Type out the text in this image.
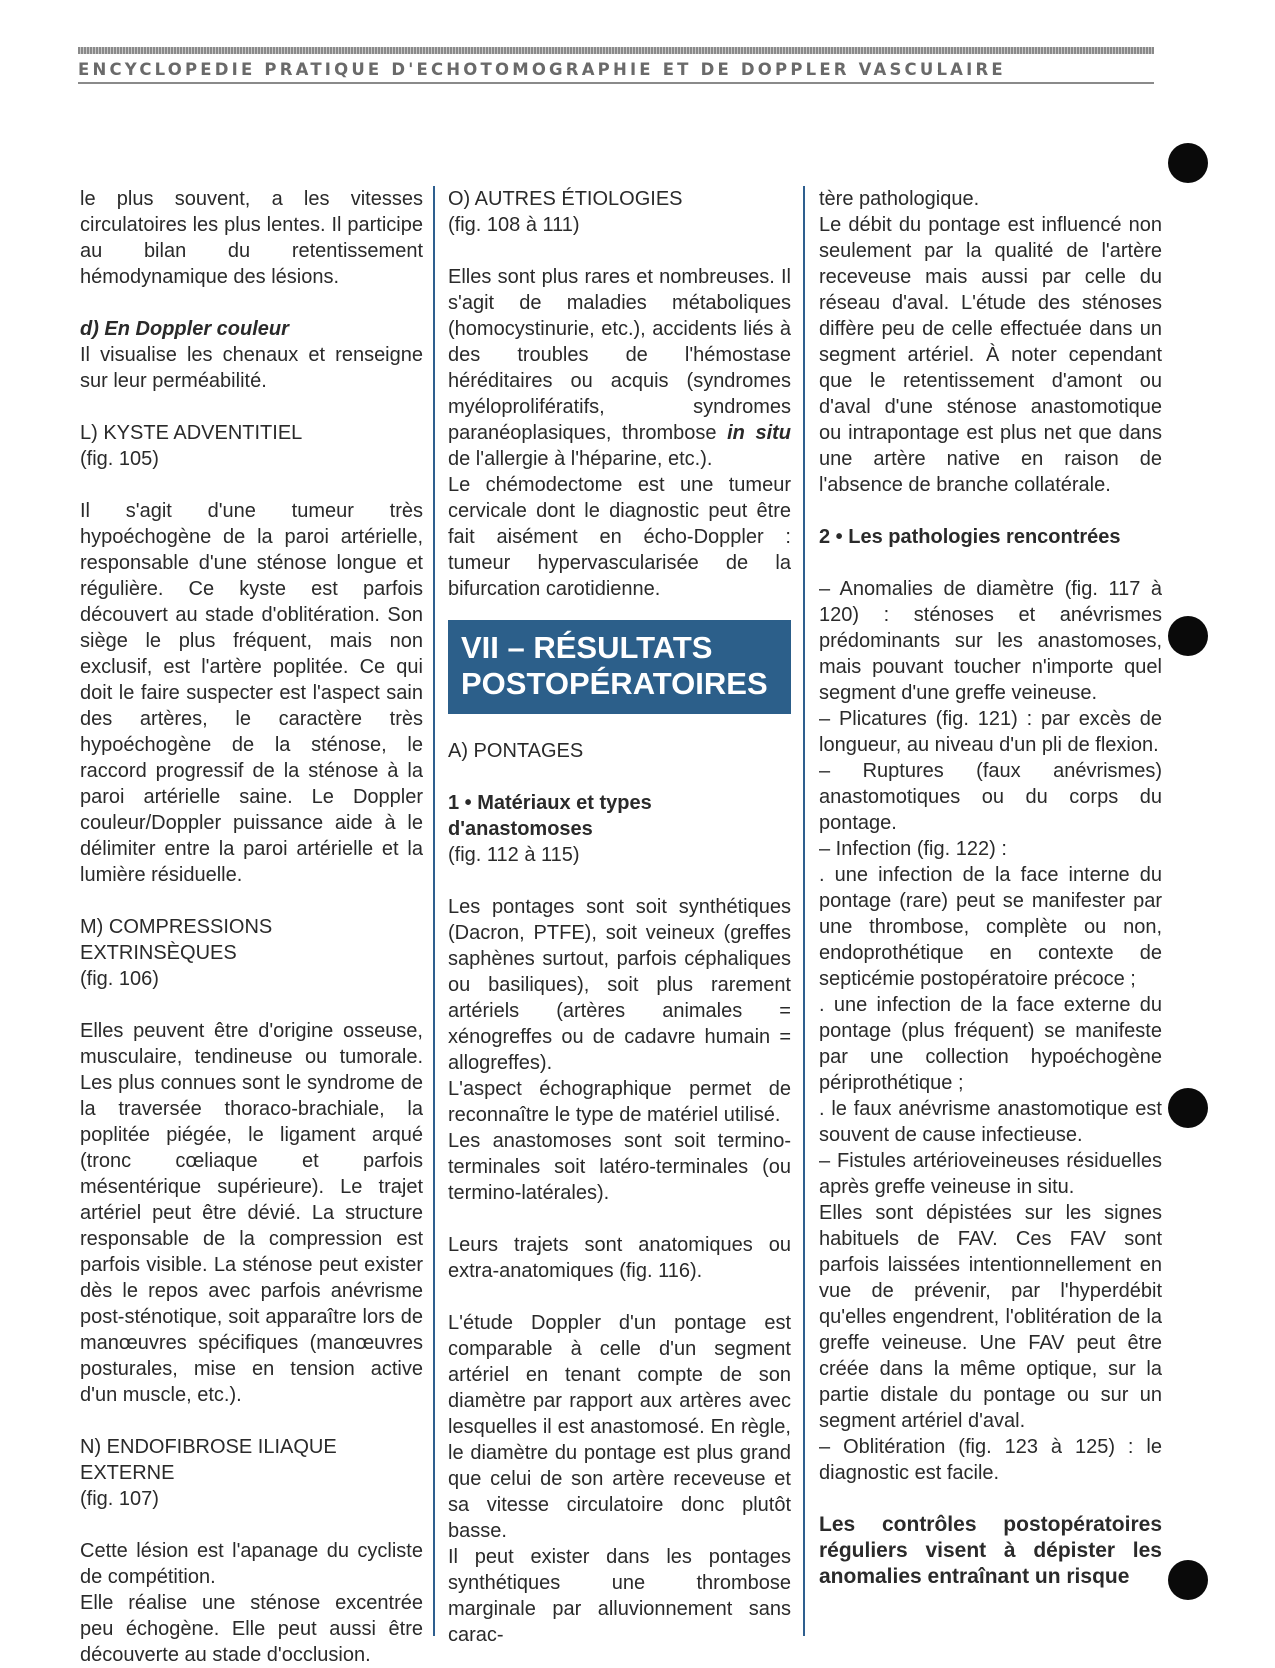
ENCYCLOPEDIE PRATIQUE D'ECHOTOMOGRAPHIE ET DE DOPPLER VASCULAIRE

le plus souvent, a les vitesses circulatoires les plus lentes. Il participe au bilan du retentissement hémodynamique des lésions.

d) En Doppler couleur

Il visualise les chenaux et renseigne sur leur perméabilité.

L) KYSTE ADVENTITIEL

(fig. 105)

Il s'agit d'une tumeur très hypoéchogène de la paroi artérielle, responsable d'une sténose longue et régulière. Ce kyste est parfois découvert au stade d'oblitération. Son siège le plus fréquent, mais non exclusif, est l'artère poplitée. Ce qui doit le faire suspecter est l'aspect sain des artères, le caractère très hypoéchogène de la sténose, le raccord progressif de la sténose à la paroi artérielle saine. Le Doppler couleur/Doppler puissance aide à le délimiter entre la paroi artérielle et la lumière résiduelle.

M) COMPRESSIONS EXTRINSÈQUES

(fig. 106)

Elles peuvent être d'origine osseuse, musculaire, tendineuse ou tumorale. Les plus connues sont le syndrome de la traversée thoraco-brachiale, la poplitée piégée, le ligament arqué (tronc cœliaque et parfois mésentérique supérieure). Le trajet artériel peut être dévié. La structure responsable de la compression est parfois visible. La sténose peut exister dès le repos avec parfois anévrisme post-sténotique, soit apparaître lors de manœuvres spécifiques (manœuvres posturales, mise en tension active d'un muscle, etc.).

N) ENDOFIBROSE ILIAQUE EXTERNE

(fig. 107)

Cette lésion est l'apanage du cycliste de compétition.

Elle réalise une sténose excentrée peu échogène. Elle peut aussi être découverte au stade d'occlusion.

O) AUTRES ÉTIOLOGIES

(fig. 108 à 111)

Elles sont plus rares et nombreuses. Il s'agit de maladies métaboliques (homocystinurie, etc.), accidents liés à des troubles de l'hémostase héréditaires ou acquis (syndromes myéloprolifératifs, syndromes paranéoplasiques, thrombose in situ de l'allergie à l'héparine, etc.).

Le chémodectome est une tumeur cervicale dont le diagnostic peut être fait aisément en écho-Doppler : tumeur hypervascularisée de la bifurcation carotidienne.

VII – RÉSULTATS
POSTOPÉRATOIRES

A) PONTAGES

1 • Matériaux et types d'anastomoses

(fig. 112 à 115)

Les pontages sont soit synthétiques (Dacron, PTFE), soit veineux (greffes saphènes surtout, parfois céphaliques ou basiliques), soit plus rarement artériels (artères animales = xénogreffes ou de cadavre humain = allogreffes).

L'aspect échographique permet de reconnaître le type de matériel utilisé.

Les anastomoses sont soit termino-terminales soit latéro-terminales (ou termino-latérales).

Leurs trajets sont anatomiques ou extra-anatomiques (fig. 116).

L'étude Doppler d'un pontage est comparable à celle d'un segment artériel en tenant compte de son diamètre par rapport aux artères avec lesquelles il est anastomosé. En règle, le diamètre du pontage est plus grand que celui de son artère receveuse et sa vitesse circulatoire donc plutôt basse.

Il peut exister dans les pontages synthétiques une thrombose marginale par alluvionnement sans carac-

tère pathologique.

Le débit du pontage est influencé non seulement par la qualité de l'artère receveuse mais aussi par celle du réseau d'aval. L'étude des sténoses diffère peu de celle effectuée dans un segment artériel. À noter cependant que le retentissement d'amont ou d'aval d'une sténose anastomotique ou intrapontage est plus net que dans une artère native en raison de l'absence de branche collatérale.

2 • Les pathologies rencontrées

– Anomalies de diamètre (fig. 117 à 120) : sténoses et anévrismes prédominants sur les anastomoses, mais pouvant toucher n'importe quel segment d'une greffe veineuse.

– Plicatures (fig. 121) : par excès de longueur, au niveau d'un pli de flexion.

– Ruptures (faux anévrismes) anastomotiques ou du corps du pontage.

– Infection (fig. 122) :

. une infection de la face interne du pontage (rare) peut se manifester par une thrombose, complète ou non, endoprothétique en contexte de septicémie postopératoire précoce ;

. une infection de la face externe du pontage (plus fréquent) se manifeste par une collection hypoéchogène périprothétique ;

. le faux anévrisme anastomotique est souvent de cause infectieuse.

– Fistules artérioveineuses résiduelles après greffe veineuse in situ.

Elles sont dépistées sur les signes habituels de FAV. Ces FAV sont parfois laissées intentionnellement en vue de prévenir, par l'hyperdébit qu'elles engendrent, l'oblitération de la greffe veineuse. Une FAV peut être créée dans la même optique, sur la partie distale du pontage ou sur un segment artériel d'aval.

– Oblitération (fig. 123 à 125) : le diagnostic est facile.

Les contrôles postopératoires réguliers visent à dépister les anomalies entraînant un risque
